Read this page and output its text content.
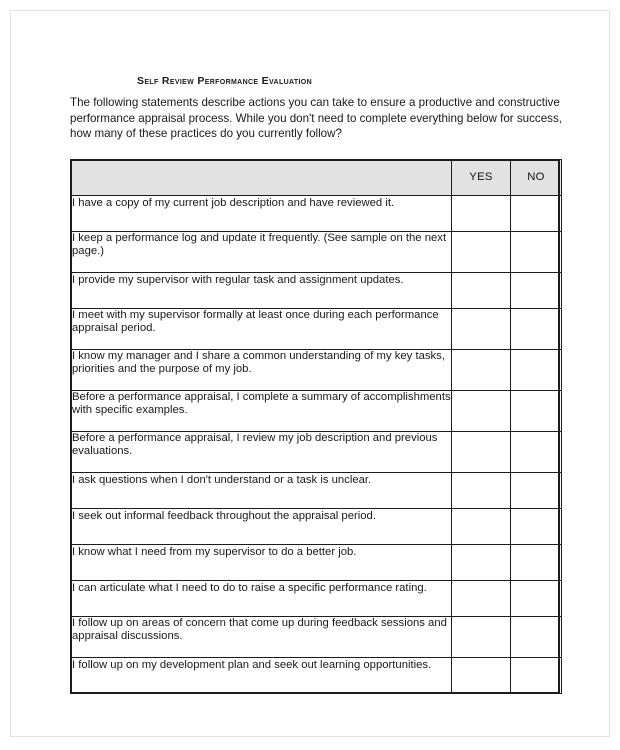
Self Review Performance Evaluation

The following statements describe actions you can take to ensure a productive and constructive performance appraisal process. While you don't need to complete everything below for success, how many of these practices do you currently follow?

	YES	NO
I have a copy of my current job description and have reviewed it.		
I keep a performance log and update it frequently. (See sample on the next page.)		
I provide my supervisor with regular task and assignment updates.		
I meet with my supervisor formally at least once during each performance appraisal period.		
I know my manager and I share a common understanding of my key tasks, priorities and the purpose of my job.		
Before a performance appraisal, I complete a summary of accomplishments with specific examples.		
Before a performance appraisal, I review my job description and previous evaluations.		
I ask questions when I don't understand or a task is unclear.		
I seek out informal feedback throughout the appraisal period.		
I know what I need from my supervisor to do a better job.		
I can articulate what I need to do to raise a specific performance rating.		
I follow up on areas of concern that come up during feedback sessions and appraisal discussions.		
I follow up on my development plan and seek out learning opportunities.		
